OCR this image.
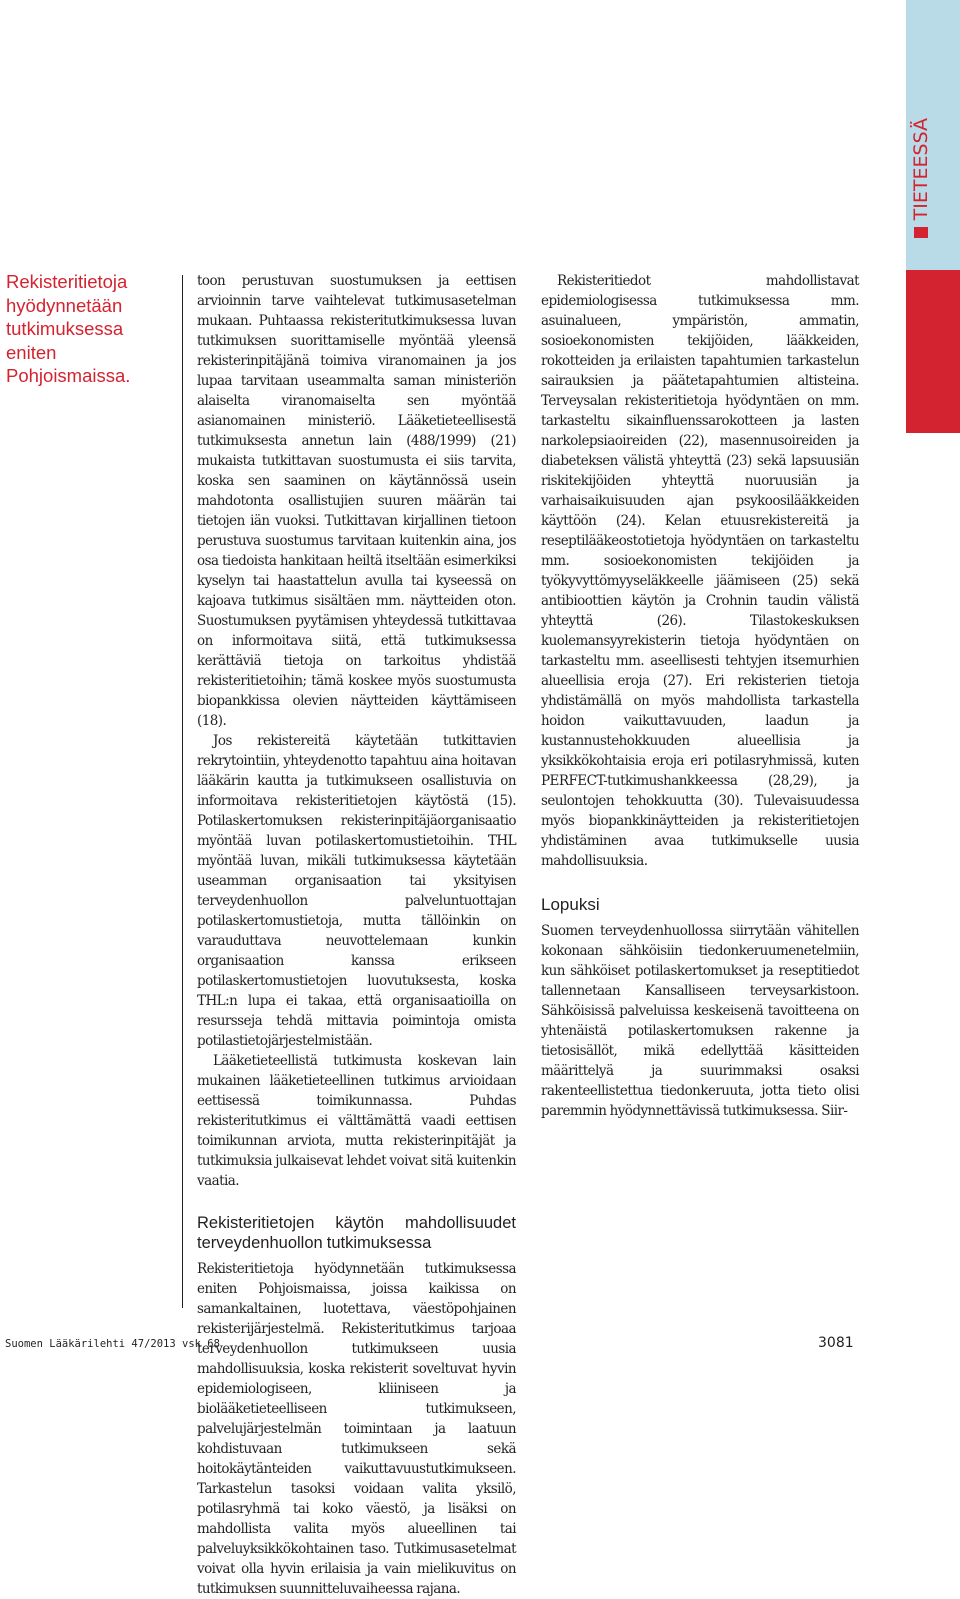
TIETEESSÄ

Rekisteritietoja hyödynnetään tutkimuksessa eniten Pohjoismaissa.

toon perustuvan suostumuksen ja eettisen arvioinnin tarve vaihtelevat tutkimusasetelman mukaan. Puhtaassa rekisteritutkimuksessa luvan tutkimuksen suorittamiselle myöntää yleensä rekisterinpitäjänä toimiva viranomainen ja jos lupaa tarvitaan useammalta saman ministeriön alaiselta viranomaiselta sen myöntää asianomainen ministeriö. Lääketieteellisestä tutkimuksesta annetun lain (488/1999) (21) mukaista tutkittavan suostumusta ei siis tarvita, koska sen saaminen on käytännössä usein mahdotonta osallistujien suuren määrän tai tietojen iän vuoksi. Tutkittavan kirjallinen tietoon perustuva suostumus tarvitaan kuitenkin aina, jos osa tiedoista hankitaan heiltä itseltään esimerkiksi kyselyn tai haastattelun avulla tai kyseessä on kajoava tutkimus sisältäen mm. näytteiden oton. Suostumuksen pyytämisen yhteydessä tutkittavaa on informoitava siitä, että tutkimuksessa kerättäviä tietoja on tarkoitus yhdistää rekisteritietoihin; tämä koskee myös suostumusta biopankkissa olevien näytteiden käyttämiseen (18).

Jos rekistereitä käytetään tutkittavien rekrytointiin, yhteydenotto tapahtuu aina hoitavan lääkärin kautta ja tutkimukseen osallistuvia on informoitava rekisteritietojen käytöstä (15). Potilaskertomuksen rekisterinpitäjäorganisaatio myöntää luvan potilaskertomustietoihin. THL myöntää luvan, mikäli tutkimuksessa käytetään useamman organisaation tai yksityisen terveydenhuollon palveluntuottajan potilaskertomustietoja, mutta tällöinkin on varauduttava neuvottelemaan kunkin organisaation kanssa erikseen potilaskertomustietojen luovutuksesta, koska THL:n lupa ei takaa, että organisaatioilla on resursseja tehdä mittavia poimintoja omista potilastietojärjestelmistään.

Lääketieteellistä tutkimusta koskevan lain mukainen lääketieteellinen tutkimus arvioidaan eettisessä toimikunnassa. Puhdas rekisteritutkimus ei välttämättä vaadi eettisen toimikunnan arviota, mutta rekisterinpitäjät ja tutkimuksia julkaisevat lehdet voivat sitä kuitenkin vaatia.

Rekisteritietojen käytön mahdollisuudet terveydenhuollon tutkimuksessa

Rekisteritietoja hyödynnetään tutkimuksessa eniten Pohjoismaissa, joissa kaikissa on samankaltainen, luotettava, väestöpohjainen rekisterijärjestelmä. Rekisteritutkimus tarjoaa terveydenhuollon tutkimukseen uusia mahdollisuuksia, koska rekisterit soveltuvat hyvin epidemiologiseen, kliiniseen ja biolääketieteelliseen tutkimukseen, palvelujärjestelmän toimintaan ja laatuun kohdistuvaan tutkimukseen sekä hoitokäytänteiden vaikuttavuustutkimukseen. Tarkastelun tasoksi voidaan valita yksilö, potilasryhmä tai koko väestö, ja lisäksi on mahdollista valita myös alueellinen tai palveluyksikkökohtainen taso. Tutkimusasetelmat voivat olla hyvin erilaisia ja vain mielikuvitus on tutkimuksen suunnitteluvaiheessa rajana.

Rekisteritiedot mahdollistavat epidemiologisessa tutkimuksessa mm. asuinalueen, ympäristön, ammatin, sosioekonomisten tekijöiden, lääkkeiden, rokotteiden ja erilaisten tapahtumien tarkastelun sairauksien ja päätetapahtumien altisteina. Terveysalan rekisteritietoja hyödyntäen on mm. tarkasteltu sikainfluenssarokotteen ja lasten narkolepsiaoireiden (22), masennusoireiden ja diabeteksen välistä yhteyttä (23) sekä lapsuusiän riskitekijöiden yhteyttä nuoruusiän ja varhaisaikuisuuden ajan psykoosilääkkeiden käyttöön (24). Kelan etuusrekistereitä ja reseptilääkeostotietoja hyödyntäen on tarkasteltu mm. sosioekonomisten tekijöiden ja työkyvyttömyyseläkkeelle jäämiseen (25) sekä antibioottien käytön ja Crohnin taudin välistä yhteyttä (26). Tilastokeskuksen kuolemansyyrekisterin tietoja hyödyntäen on tarkasteltu mm. aseellisesti tehtyjen itsemurhien alueellisia eroja (27). Eri rekisterien tietoja yhdistämällä on myös mahdollista tarkastella hoidon vaikuttavuuden, laadun ja kustannustehokkuuden alueellisia ja yksikkökohtaisia eroja eri potilasryhmissä, kuten PERFECT-tutkimushankkeessa (28,29), ja seulontojen tehokkuutta (30). Tulevaisuudessa myös biopankkinäytteiden ja rekisteritietojen yhdistäminen avaa tutkimukselle uusia mahdollisuuksia.

Lopuksi

Suomen terveydenhuollossa siirrytään vähitellen kokonaan sähköisiin tiedonkeruumenetelmiin, kun sähköiset potilaskertomukset ja reseptitiedot tallennetaan Kansalliseen terveysarkistoon. Sähköisissä palveluissa keskeisenä tavoitteena on yhtenäistä potilaskertomuksen rakenne ja tietosisällöt, mikä edellyttää käsitteiden määrittelyä ja suurimmaksi osaksi rakenteellistettua tiedonkeruuta, jotta tieto olisi paremmin hyödynnettävissä tutkimuksessa. Siir-

Suomen Lääkärilehti 47/2013 vsk 68	3081
